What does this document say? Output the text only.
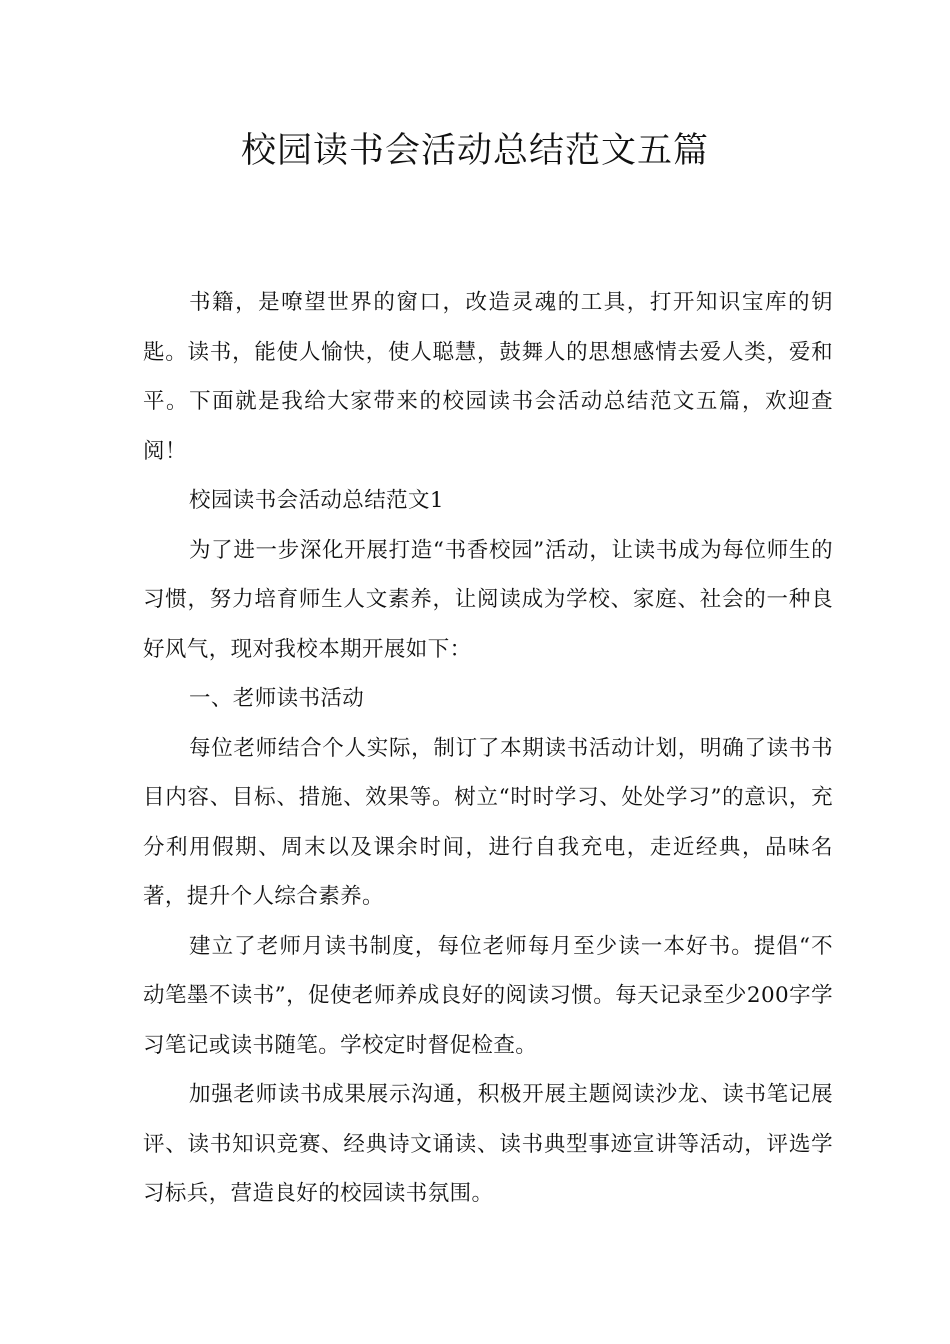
校园读书会活动总结范文五篇

书籍，是嘹望世界的窗口，改造灵魂的工具，打开知识宝库的钥匙。读书，能使人愉快，使人聪慧，鼓舞人的思想感情去爱人类，爱和平。下面就是我给大家带来的校园读书会活动总结范文五篇，欢迎查阅！

校园读书会活动总结范文1

为了进一步深化开展打造“书香校园”活动，让读书成为每位师生的习惯，努力培育师生人文素养，让阅读成为学校、家庭、社会的一种良好风气，现对我校本期开展如下：

一、老师读书活动

每位老师结合个人实际，制订了本期读书活动计划，明确了读书书目内容、目标、措施、效果等。树立“时时学习、处处学习”的意识，充分利用假期、周末以及课余时间，进行自我充电，走近经典，品味名著，提升个人综合素养。

建立了老师月读书制度，每位老师每月至少读一本好书。提倡“不动笔墨不读书”，促使老师养成良好的阅读习惯。每天记录至少200字学习笔记或读书随笔。学校定时督促检查。

加强老师读书成果展示沟通，积极开展主题阅读沙龙、读书笔记展评、读书知识竞赛、经典诗文诵读、读书典型事迹宣讲等活动，评选学习标兵，营造良好的校园读书氛围。
